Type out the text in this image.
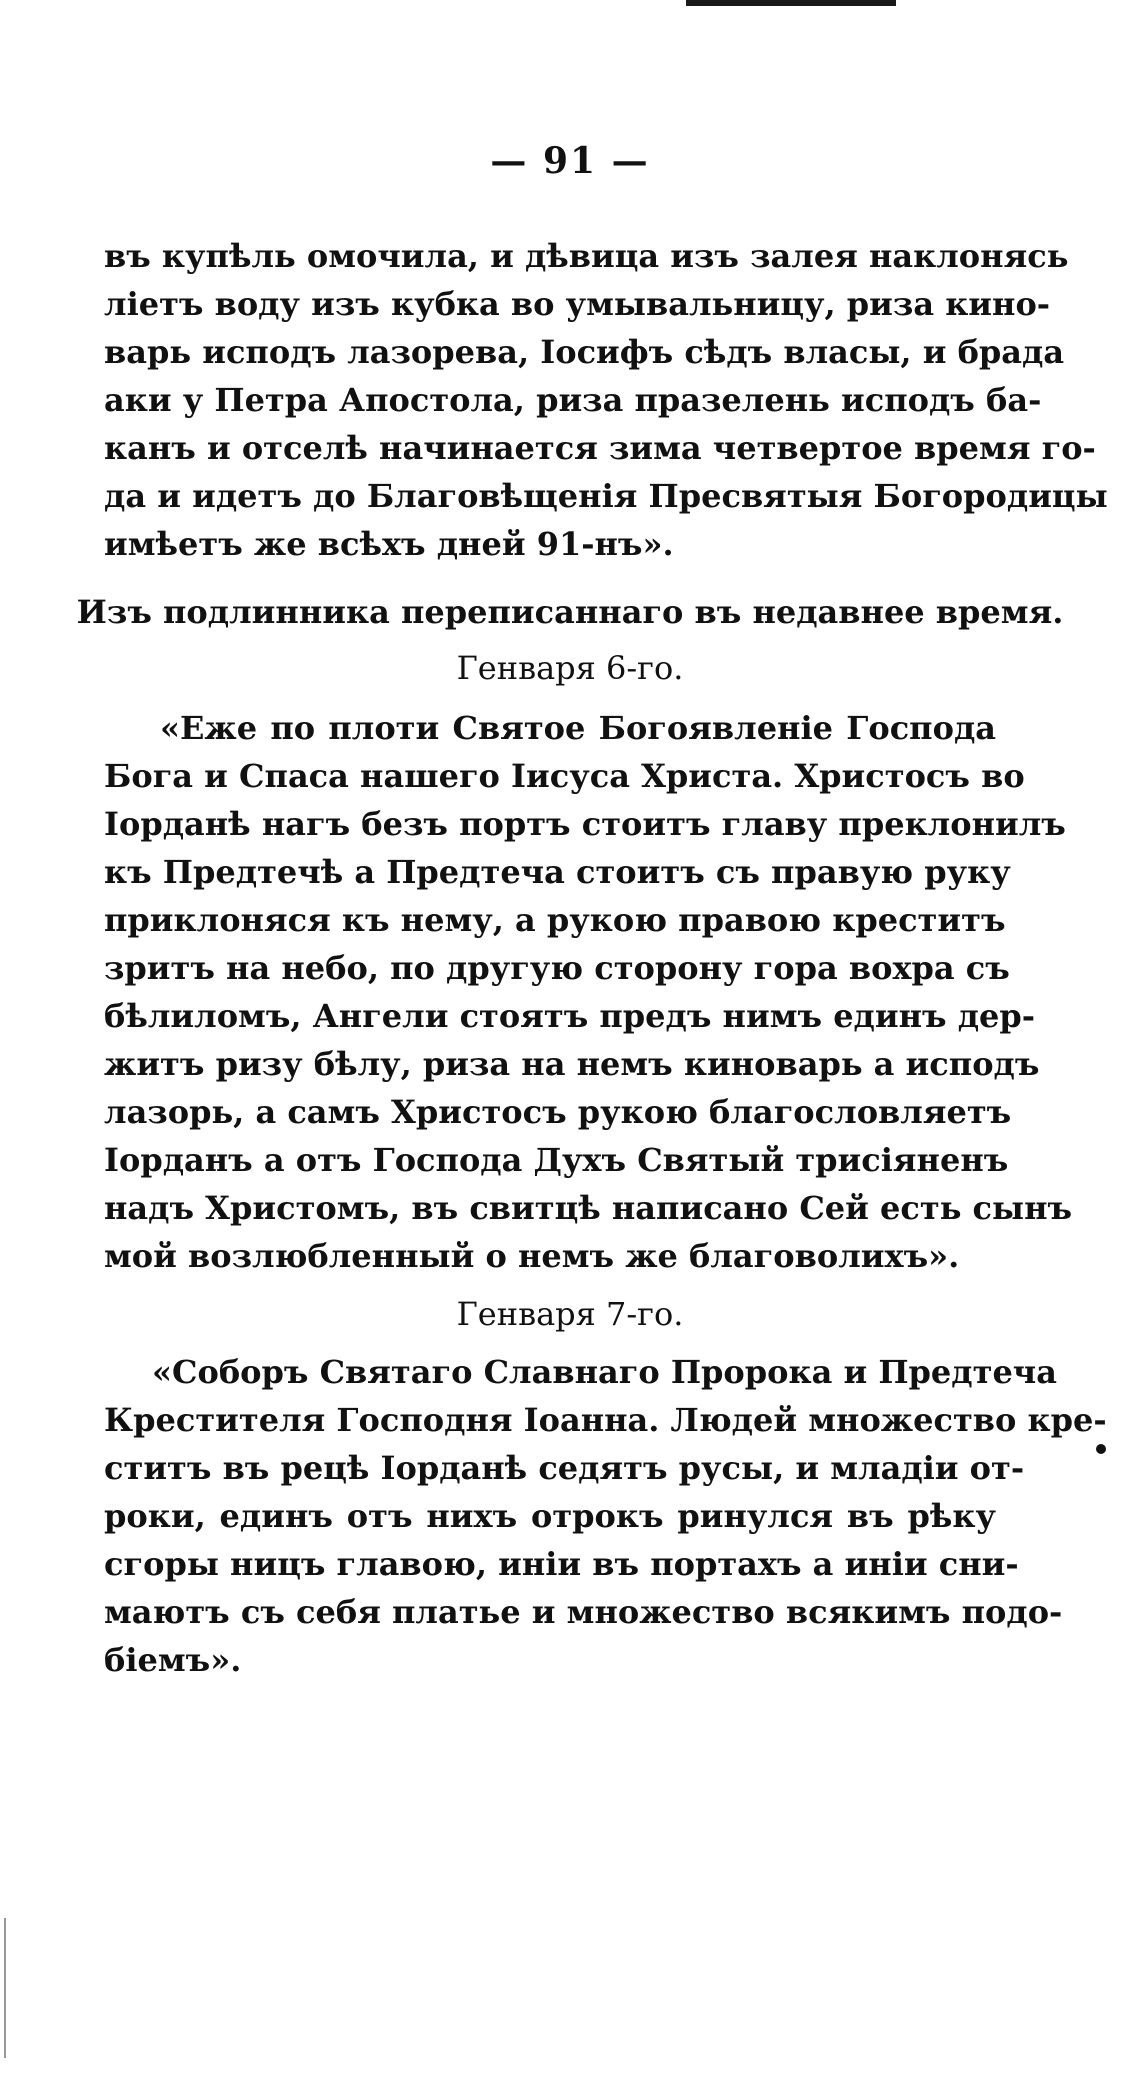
— 91 —
въ купѣль омочила, и дѣвица изъ залея наклонясь
ліетъ воду изъ кубка во умывальницу, риза кино-
варь исподъ лазорева, Іосифъ сѣдъ власы, и брада
аки у Петра Апостола, риза празелень исподъ ба-
канъ и отселѣ начинается зима четвертое время го-
да и идетъ до Благовѣщенія Пресвятыя Богородицы
имѣетъ же всѣхъ дней 91-нъ».
Изъ подлинника переписаннаго въ недавнее время.
Генваря 6-го.
«Еже по плоти Святое Богоявленіе Господа
Бога и Спаса нашего Іисуса Христа. Христосъ во
Іорданѣ нагъ безъ портъ стоитъ главу преклонилъ
къ Предтечѣ а Предтеча стоитъ съ правую руку
приклоняся къ нему, а рукою правою креститъ
зритъ на небо, по другую сторону гора вохра съ
бѣлиломъ, Ангели стоятъ предъ нимъ единъ дер-
житъ ризу бѣлу, риза на немъ киноварь а исподъ
лазорь, а самъ Христосъ рукою благословляетъ
Іорданъ а отъ Господа Духъ Святый трисіяненъ
надъ Христомъ, въ свитцѣ написано Сей есть сынъ
мой возлюбленный о немъ же благоволихъ».
Генваря 7-го.
«Соборъ Святаго Славнаго Пророка и Предтеча
Крестителя Господня Іоанна. Людей множество кре-
ститъ въ рецѣ Іорданѣ седятъ русы, и младіи от-
роки, единъ отъ нихъ отрокъ ринулся въ рѣку
сгоры ницъ главою, иніи въ портахъ а иніи сни-
маютъ съ себя платье и множество всякимъ подо-
біемъ».
